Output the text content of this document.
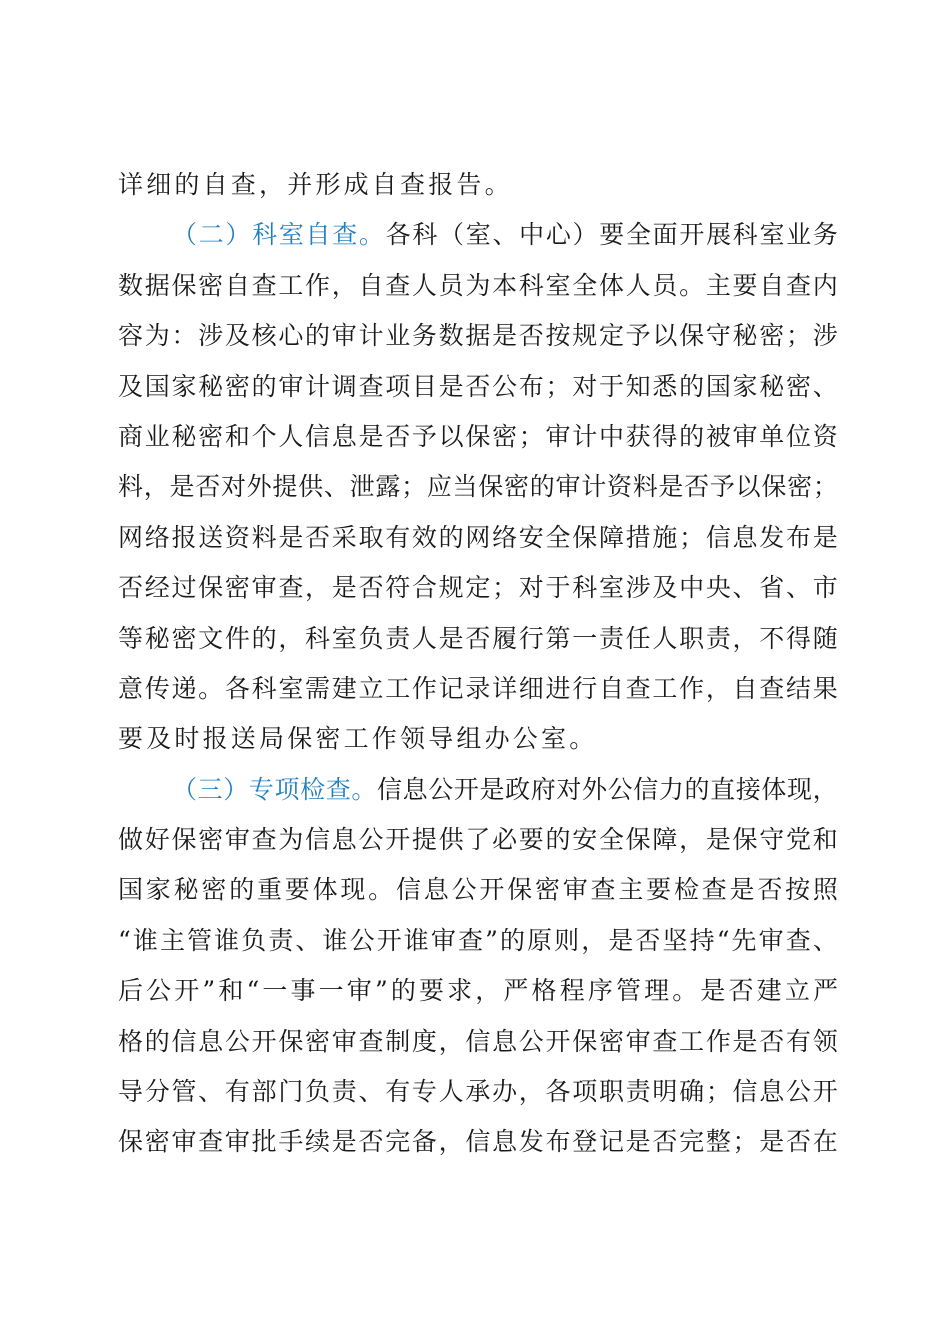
详细的自查，并形成自查报告。
（ 二 ） 科 室 自 查 。 各 科 （ 室 、 中 心 ） 要 全 面 开 展 科 室 业 务
数 据 保 密 自 查 工 作 ， 自 查 人 员 为 本 科 室 全 体 人 员 。 主 要 自 查 内
容 为 ： 涉 及 核 心 的 审 计 业 务 数 据 是 否 按 规 定 予 以 保 守 秘 密 ； 涉
及 国 家 秘 密 的 审 计 调 查 项 目 是 否 公 布 ； 对 于 知 悉 的 国 家 秘 密 、
商 业 秘 密 和 个 人 信 息 是 否 予 以 保 密 ； 审 计 中 获 得 的 被 审 单 位 资
料 ， 是 否 对 外 提 供 、 泄 露 ； 应 当 保 密 的 审 计 资 料 是 否 予 以 保 密 ；
网 络 报 送 资 料 是 否 采 取 有 效 的 网 络 安 全 保 障 措 施 ； 信 息 发 布 是
否 经 过 保 密 审 查 ， 是 否 符 合 规 定 ； 对 于 科 室 涉 及 中 央 、 省 、 市
等 秘 密 文 件 的 ， 科 室 负 责 人 是 否 履 行 第 一 责 任 人 职 责 ， 不 得 随
意 传 递 。 各 科 室 需 建 立 工 作 记 录 详 细 进 行 自 查 工 作 ， 自 查 结 果
要及时报送局保密工作领导组办公室。
（ 三 ） 专 项 检 查 。 信 息 公 开 是 政 府 对 外 公 信 力 的 直 接 体 现 ，
做 好 保 密 审 查 为 信 息 公 开 提 供 了 必 要 的 安 全 保 障 ， 是 保 守 党 和
国 家 秘 密 的 重 要 体 现 。 信 息 公 开 保 密 审 查 主 要 检 查 是 否 按 照
“ 谁 主 管 谁 负 责 、 谁 公 开 谁 审 查 ” 的 原 则 ， 是 否 坚 持 “ 先 审 查 、
后 公 开 ” 和 “ 一 事 一 审 ” 的 要 求 ， 严 格 程 序 管 理 。 是 否 建 立 严
格 的 信 息 公 开 保 密 审 查 制 度 ， 信 息 公 开 保 密 审 查 工 作 是 否 有 领
导 分 管 、 有 部 门 负 责 、 有 专 人 承 办 ， 各 项 职 责 明 确 ； 信 息 公 开
保 密 审 查 审 批 手 续 是 否 完 备 ， 信 息 发 布 登 记 是 否 完 整 ； 是 否 在
